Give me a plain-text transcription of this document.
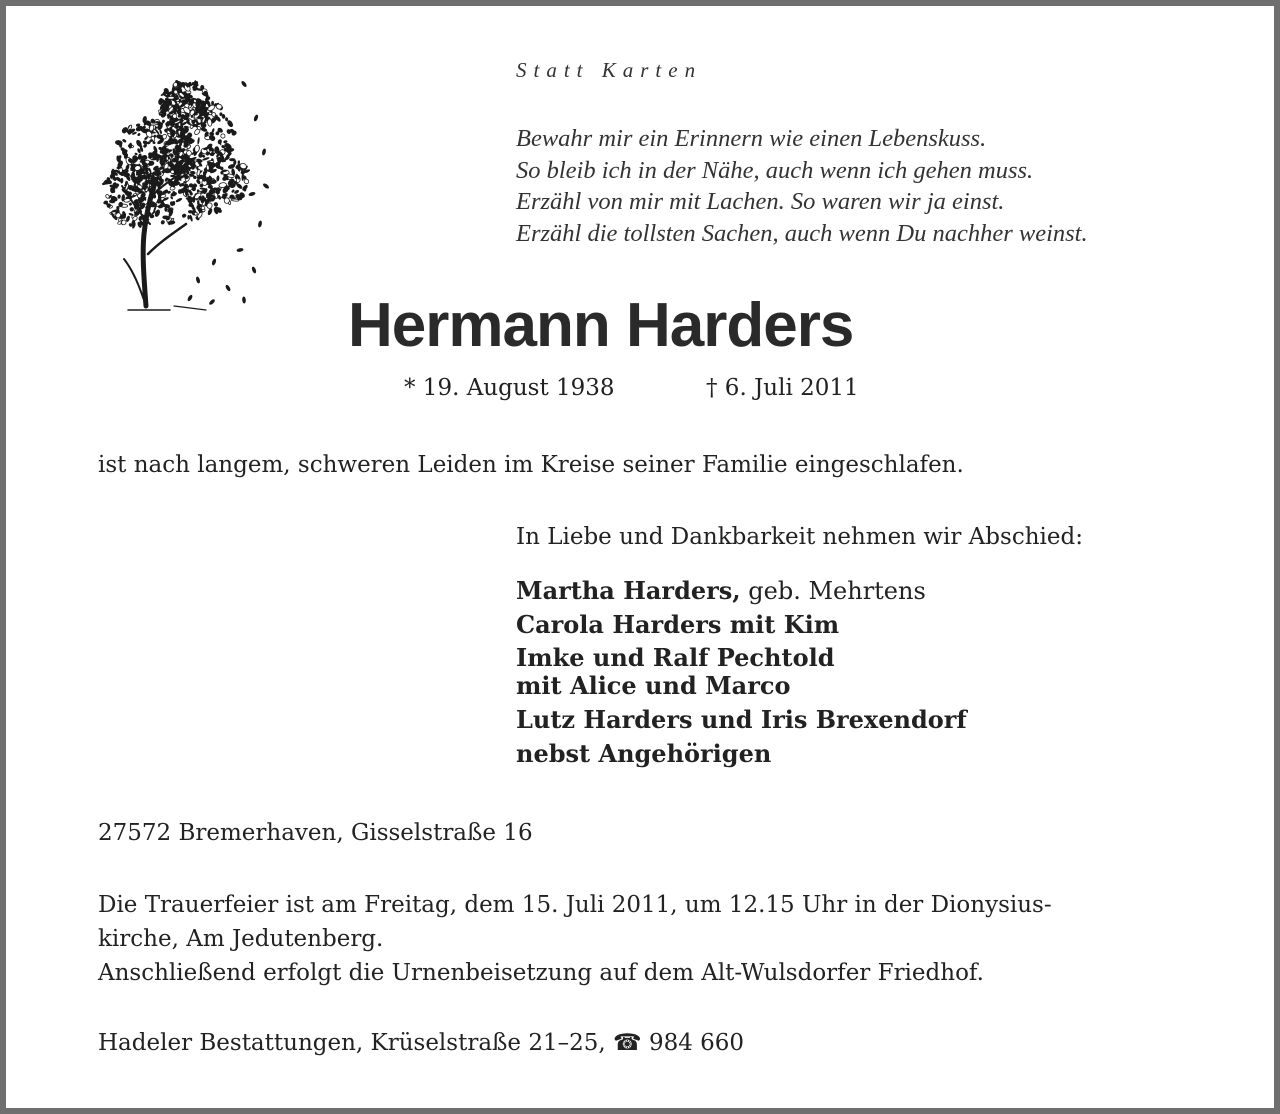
Statt Karten
Bewahr mir ein Erinnern wie einen Lebenskuss.
So bleib ich in der Nähe, auch wenn ich gehen muss.
Erzähl von mir mit Lachen. So waren wir ja einst.
Erzähl die tollsten Sachen, auch wenn Du nachher weinst.
Hermann Harders
* 19. August 1938	† 6. Juli 2011
ist nach langem, schweren Leiden im Kreise seiner Familie eingeschlafen.
In Liebe und Dankbarkeit nehmen wir Abschied:
Martha Harders, geb. Mehrtens
Carola Harders mit Kim
Imke und Ralf Pechtold
mit Alice und Marco
Lutz Harders und Iris Brexendorf
nebst Angehörigen
27572 Bremerhaven, Gisselstraße 16
Die Trauerfeier ist am Freitag, dem 15. Juli 2011, um 12.15 Uhr in der Dionysius-
kirche, Am Jedutenberg.
Anschließend erfolgt die Urnenbeisetzung auf dem Alt-Wulsdorfer Friedhof.
Hadeler Bestattungen, Krüselstraße 21–25, ☎ 984 660
